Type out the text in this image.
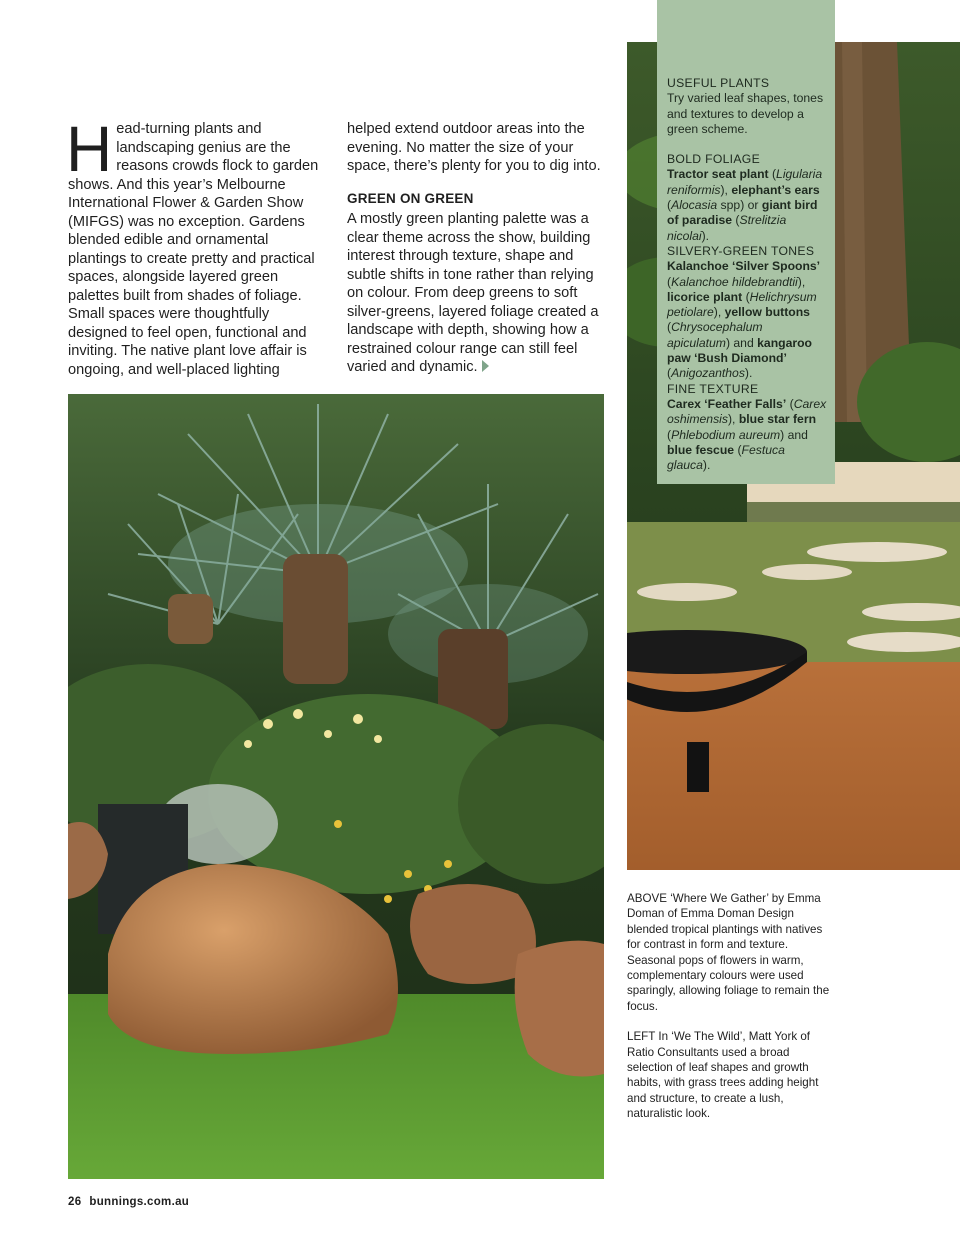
Head-turning plants and landscaping genius are the reasons crowds flock to garden shows. And this year’s Melbourne International Flower & Garden Show (MIFGS) was no exception. Gardens blended edible and ornamental plantings to create pretty and practical spaces, alongside layered green palettes built from shades of foliage. Small spaces were thoughtfully designed to feel open, functional and inviting. The native plant love affair is ongoing, and well-placed lighting

helped extend outdoor areas into the evening. No matter the size of your space, there’s plenty for you to dig into.

GREEN ON GREEN

A mostly green planting palette was a clear theme across the show, building interest through texture, shape and subtle shifts in tone rather than relying on colour. From deep greens to soft silver-greens, layered foliage created a landscape with depth, showing how a restrained colour range can still feel varied and dynamic.

USEFUL PLANTS

Try varied leaf shapes, tones and textures to develop a green scheme.

BOLD FOLIAGE

Tractor seat plant (Ligularia reniformis), elephant’s ears (Alocasia spp) or giant bird of paradise (Strelitzia nicolai).

SILVERY-GREEN TONES

Kalanchoe ‘Silver Spoons’ (Kalanchoe hildebrandtii), licorice plant (Helichrysum petiolare), yellow buttons (Chrysocephalum apiculatum) and kangaroo paw ‘Bush Diamond’ (Anigozanthos).

FINE TEXTURE

Carex ‘Feather Falls’ (Carex oshimensis), blue star fern (Phlebodium aureum) and blue fescue (Festuca glauca).

ABOVE ‘Where We Gather’ by Emma Doman of Emma Doman Design blended tropical plantings with natives for contrast in form and texture. Seasonal pops of flowers in warm, complementary colours were used sparingly, allowing foliage to remain the focus.

LEFT In ‘We The Wild’, Matt York of Ratio Consultants used a broad selection of leaf shapes and growth habits, with grass trees adding height and structure, to create a lush, naturalistic look.

26 bunnings.com.au
